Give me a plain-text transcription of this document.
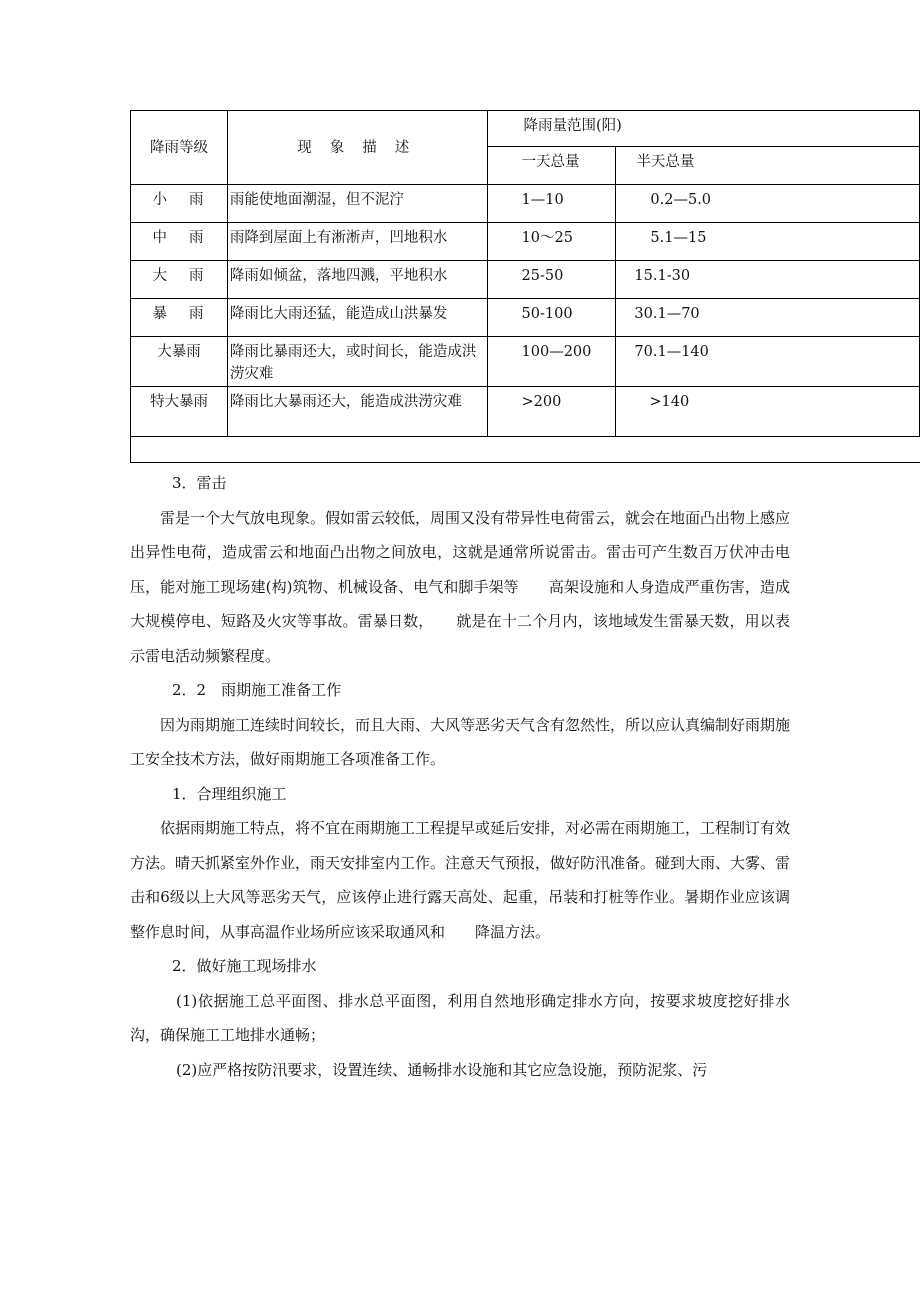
降雨等级	现象描述	降雨量范围(阳)	
		一天总量	半天总量
小雨	雨能使地面潮湿，但不泥泞	1—10	0.2—5.0
中雨	雨降到屋面上有淅淅声，凹地积水	10～25	5.1—15
大雨	降雨如倾盆，落地四溅，平地积水	25-50	15.1-30
暴雨	降雨比大雨还猛，能造成山洪暴发	50-100	30.1—70
大暴雨	降雨比暴雨还大，或时间长，能造成洪涝灾难	100—200	70.1—140
特大暴雨	降雨比大暴雨还大，能造成洪涝灾难	>200	>140

3．雷击

雷是一个大气放电现象。假如雷云较低，周围又没有带异性电荷雷云，就会在地面凸出物上感应出异性电荷，造成雷云和地面凸出物之间放电，这就是通常所说雷击。雷击可产生数百万伏冲击电压，能对施工现场建(构)筑物、机械设备、电气和脚手架等　　高架设施和人身造成严重伤害，造成大规模停电、短路及火灾等事故。雷暴日数，　　就是在十二个月内，该地域发生雷暴天数，用以表示雷电活动频繁程度。

2．2　雨期施工准备工作

因为雨期施工连续时间较长，而且大雨、大风等恶劣天气含有忽然性，所以应认真编制好雨期施工安全技术方法，做好雨期施工各项准备工作。

1．合理组织施工

依据雨期施工特点，将不宜在雨期施工工程提早或延后安排，对必需在雨期施工，工程制订有效方法。晴天抓紧室外作业，雨天安排室内工作。注意天气预报，做好防汛准备。碰到大雨、大雾、雷击和6级以上大风等恶劣天气，应该停止进行露天高处、起重，吊装和打桩等作业。暑期作业应该调整作息时间，从事高温作业场所应该采取通风和　　降温方法。

2．做好施工现场排水

(1)依据施工总平面图、排水总平面图，利用自然地形确定排水方向，按要求坡度挖好排水沟，确保施工工地排水通畅；

(2)应严格按防汛要求，设置连续、通畅排水设施和其它应急设施，预防泥浆、污
